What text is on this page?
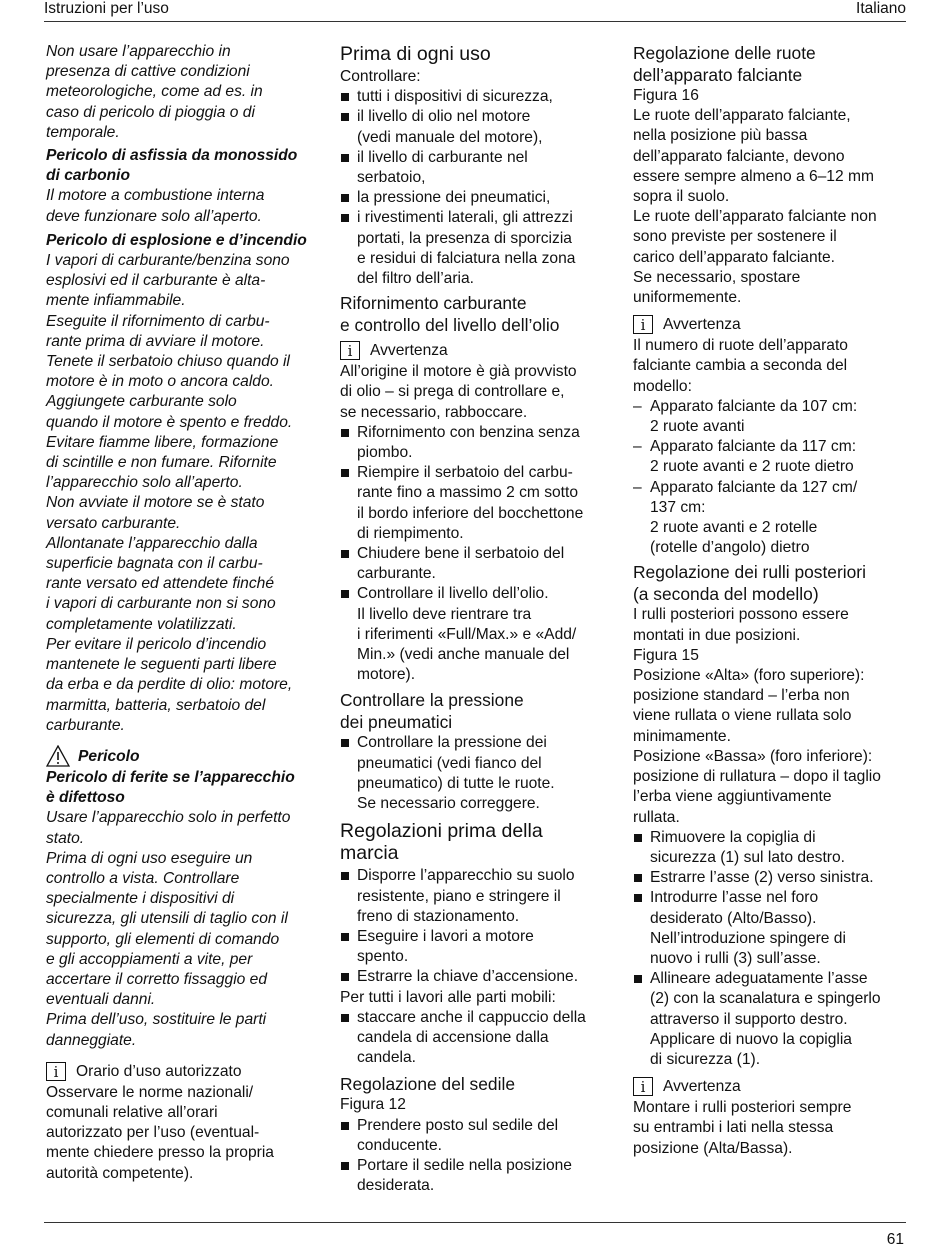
Istruzioni per l’uso	Italiano
Non usare l’apparecchio in
presenza di cattive condizioni
meteorologiche, come ad es. in
caso di pericolo di pioggia o di
temporale.
Pericolo di asfissia da monossido
di carbonio
Il motore a combustione interna
deve funzionare solo all’aperto.
Pericolo di esplosione e d’incendio
I vapori di carburante/benzina sono
esplosivi ed il carburante è alta-
mente infiammabile.
Eseguite il rifornimento di carbu-
rante prima di avviare il motore.
Tenete il serbatoio chiuso quando il
motore è in moto o ancora caldo.
Aggiungete carburante solo
quando il motore è spento e freddo.
Evitare fiamme libere, formazione
di scintille e non fumare. Rifornite
l’apparecchio solo all’aperto.
Non avviate il motore se è stato
versato carburante.
Allontanate l’apparecchio dalla
superficie bagnata con il carbu-
rante versato ed attendete finché
i vapori di carburante non si sono
completamente volatilizzati.
Per evitare il pericolo d’incendio
mantenete le seguenti parti libere
da erba e da perdite di olio: motore,
marmitta, batteria, serbatoio del
carburante.
Pericolo
Pericolo di ferite se l’apparecchio
è difettoso
Usare l’apparecchio solo in perfetto
stato.
Prima di ogni uso eseguire un
controllo a vista. Controllare
specialmente i dispositivi di
sicurezza, gli utensili di taglio con il
supporto, gli elementi di comando
e gli accoppiamenti a vite, per
accertare il corretto fissaggio ed
eventuali danni.
Prima dell’uso, sostituire le parti
danneggiate.
i	Orario d’uso autorizzato
Osservare le norme nazionali/
comunali relative all’orari
autorizzato per l’uso (eventual-
mente chiedere presso la propria
autorità competente).
Prima di ogni uso

Controllare:

tutti i dispositivi di sicurezza,
il livello di olio nel motore
(vedi manuale del motore),
il livello di carburante nel
serbatoio,
la pressione dei pneumatici,
i rivestimenti laterali, gli attrezzi
portati, la presenza di sporcizia
e residui di falciatura nella zona
del filtro dell’aria.
Rifornimento carburante
e controllo del livello dell’olio
i	Avvertenza
All’origine il motore è già provvisto
di olio – si prega di controllare e,
se necessario, rabboccare.
Rifornimento con benzina senza
piombo.
Riempire il serbatoio del carbu-
rante fino a massimo 2 cm sotto
il bordo inferiore del bocchettone
di riempimento.
Chiudere bene il serbatoio del
carburante.
Controllare il livello dell’olio.
Il livello deve rientrare tra
i riferimenti «Full/Max.» e «Add/
Min.» (vedi anche manuale del
motore).
Controllare la pressione
dei pneumatici
Controllare la pressione dei
pneumatici (vedi fianco del
pneumatico) di tutte le ruote.
Se necessario correggere.
Regolazioni prima della
marcia
Disporre l’apparecchio su suolo
resistente, piano e stringere il
freno di stazionamento.
Eseguire i lavori a motore
spento.
Estrarre la chiave d’accensione.

Per tutti i lavori alle parti mobili:

staccare anche il cappuccio della
candela di accensione dalla
candela.
Regolazione del sedile

Figura 12

Prendere posto sul sedile del
conducente.
Portare il sedile nella posizione
desiderata.
Regolazione delle ruote
dell’apparato falciante

Figura 16

Le ruote dell’apparato falciante,
nella posizione più bassa
dell’apparato falciante, devono
essere sempre almeno a 6–12 mm
sopra il suolo.
Le ruote dell’apparato falciante non
sono previste per sostenere il
carico dell’apparato falciante.
Se necessario, spostare
uniformemente.
i	Avvertenza
Il numero di ruote dell’apparato
falciante cambia a seconda del
modello:
– Apparato falciante da 107 cm:
2 ruote avanti
– Apparato falciante da 117 cm:
2 ruote avanti e 2 ruote dietro
– Apparato falciante da 127 cm/
137 cm:
2 ruote avanti e 2 rotelle
(rotelle d’angolo) dietro
Regolazione dei rulli posteriori
(a seconda del modello)
I rulli posteriori possono essere
montati in due posizioni.
Figura 15
Posizione «Alta» (foro superiore):
posizione standard – l’erba non
viene rullata o viene rullata solo
minimamente.
Posizione «Bassa» (foro inferiore):
posizione di rullatura – dopo il taglio
l’erba viene aggiuntivamente
rullata.
Rimuovere la copiglia di
sicurezza (1) sul lato destro.
Estrarre l’asse (2) verso sinistra.
Introdurre l’asse nel foro
desiderato (Alto/Basso).
Nell’introduzione spingere di
nuovo i rulli (3) sull’asse.
Allineare adeguatamente l’asse
(2) con la scanalatura e spingerlo
attraverso il supporto destro.
Applicare di nuovo la copiglia
di sicurezza (1).
i	Avvertenza
Montare i rulli posteriori sempre
su entrambi i lati nella stessa
posizione (Alta/Bassa).
61
